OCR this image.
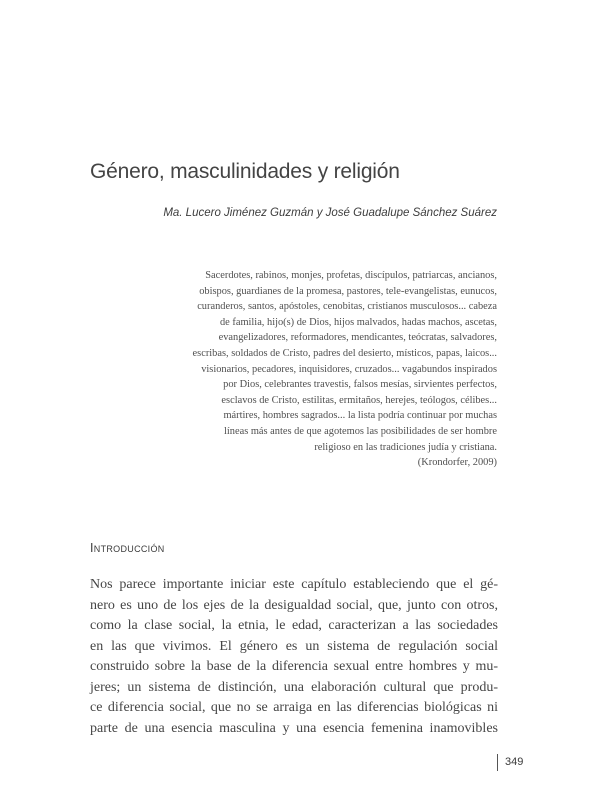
Género, masculinidades y religión
Ma. Lucero Jiménez Guzmán y José Guadalupe Sánchez Suárez
Sacerdotes, rabinos, monjes, profetas, discípulos, patriarcas, ancianos,
obispos, guardianes de la promesa, pastores, tele-evangelistas, eunucos,
curanderos, santos, apóstoles, cenobitas, cristianos musculosos... cabeza
de familia, hijo(s) de Dios, hijos malvados, hadas machos, ascetas,
evangelizadores, reformadores, mendicantes, teócratas, salvadores,
escribas, soldados de Cristo, padres del desierto, místicos, papas, laicos...
visionarios, pecadores, inquisidores, cruzados... vagabundos inspirados
por Dios, celebrantes travestis, falsos mesías, sirvientes perfectos,
esclavos de Cristo, estilitas, ermitaños, herejes, teólogos, célibes...
mártires, hombres sagrados... la lista podría continuar por muchas
líneas más antes de que agotemos las posibilidades de ser hombre
religioso en las tradiciones judía y cristiana.
(Krondorfer, 2009)
Introducción
Nos parece importante iniciar este capítulo estableciendo que el gé-
nero es uno de los ejes de la desigualdad social, que, junto con otros,
como la clase social, la etnia, le edad, caracterizan a las sociedades
en las que vivimos. El género es un sistema de regulación social
construido sobre la base de la diferencia sexual entre hombres y mu-
jeres; un sistema de distinción, una elaboración cultural que produ-
ce diferencia social, que no se arraiga en las diferencias biológicas ni
parte de una esencia masculina y una esencia femenina inamovibles
349
